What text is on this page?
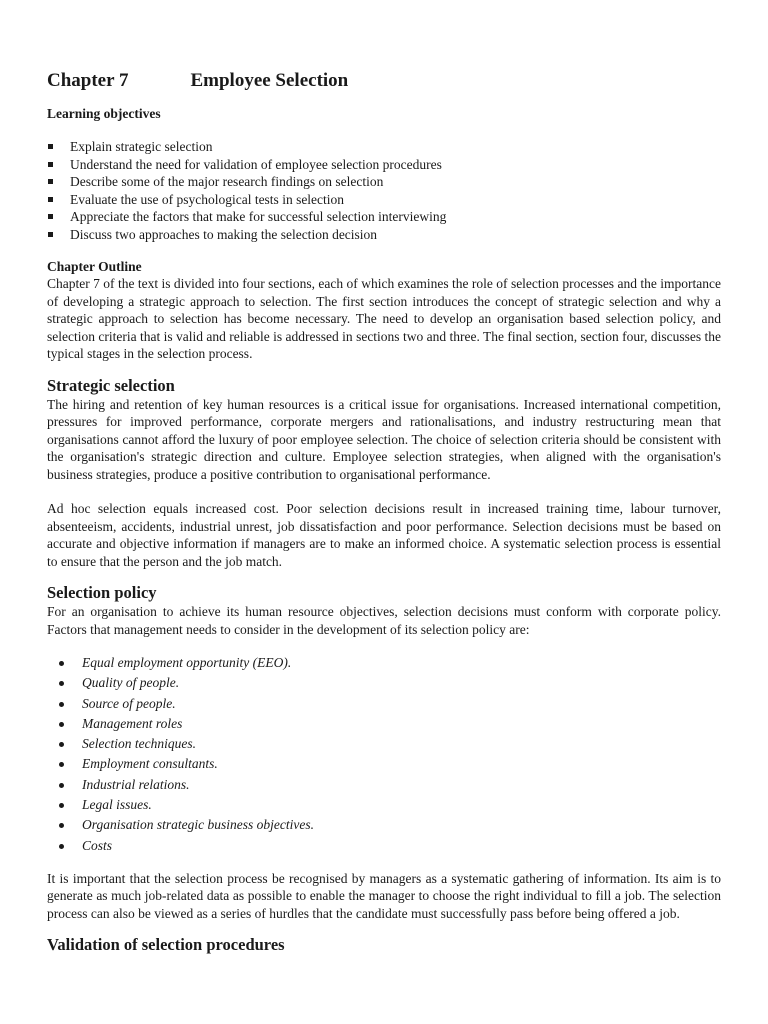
Chapter 7	Employee Selection
Learning objectives
Explain strategic selection
Understand the need for validation of employee selection procedures
Describe some of the major research findings on selection
Evaluate the use of psychological tests in selection
Appreciate the factors that make for successful selection interviewing
Discuss two approaches to making the selection decision
Chapter Outline

Chapter 7 of the text is divided into four sections, each of which examines the role of selection processes and the importance of developing a strategic approach to selection. The first section introduces the concept of strategic selection and why a strategic approach to selection has become necessary. The need to develop an organisation based selection policy, and selection criteria that is valid and reliable is addressed in sections two and three. The final section, section four, discusses the typical stages in the selection process.

Strategic selection

The hiring and retention of key human resources is a critical issue for organisations. Increased international competition, pressures for improved performance, corporate mergers and rationalisations, and industry restructuring mean that organisations cannot afford the luxury of poor employee selection. The choice of selection criteria should be consistent with the organisation's strategic direction and culture. Employee selection strategies, when aligned with the organisation's business strategies, produce a positive contribution to organisational performance.

Ad hoc selection equals increased cost. Poor selection decisions result in increased training time, labour turnover, absenteeism, accidents, industrial unrest, job dissatisfaction and poor performance. Selection decisions must be based on accurate and objective information if managers are to make an informed choice. A systematic selection process is essential to ensure that the person and the job match.

Selection policy

For an organisation to achieve its human resource objectives, selection decisions must conform with corporate policy. Factors that management needs to consider in the development of its selection policy are:

Equal employment opportunity (EEO).
Quality of people.
Source of people.
Management roles
Selection techniques.
Employment consultants.
Industrial relations.
Legal issues.
Organisation strategic business objectives.
Costs

It is important that the selection process be recognised by managers as a systematic gathering of information. Its aim is to generate as much job-related data as possible to enable the manager to choose the right individual to fill a job. The selection process can also be viewed as a series of hurdles that the candidate must successfully pass before being offered a job.

Validation of selection procedures
